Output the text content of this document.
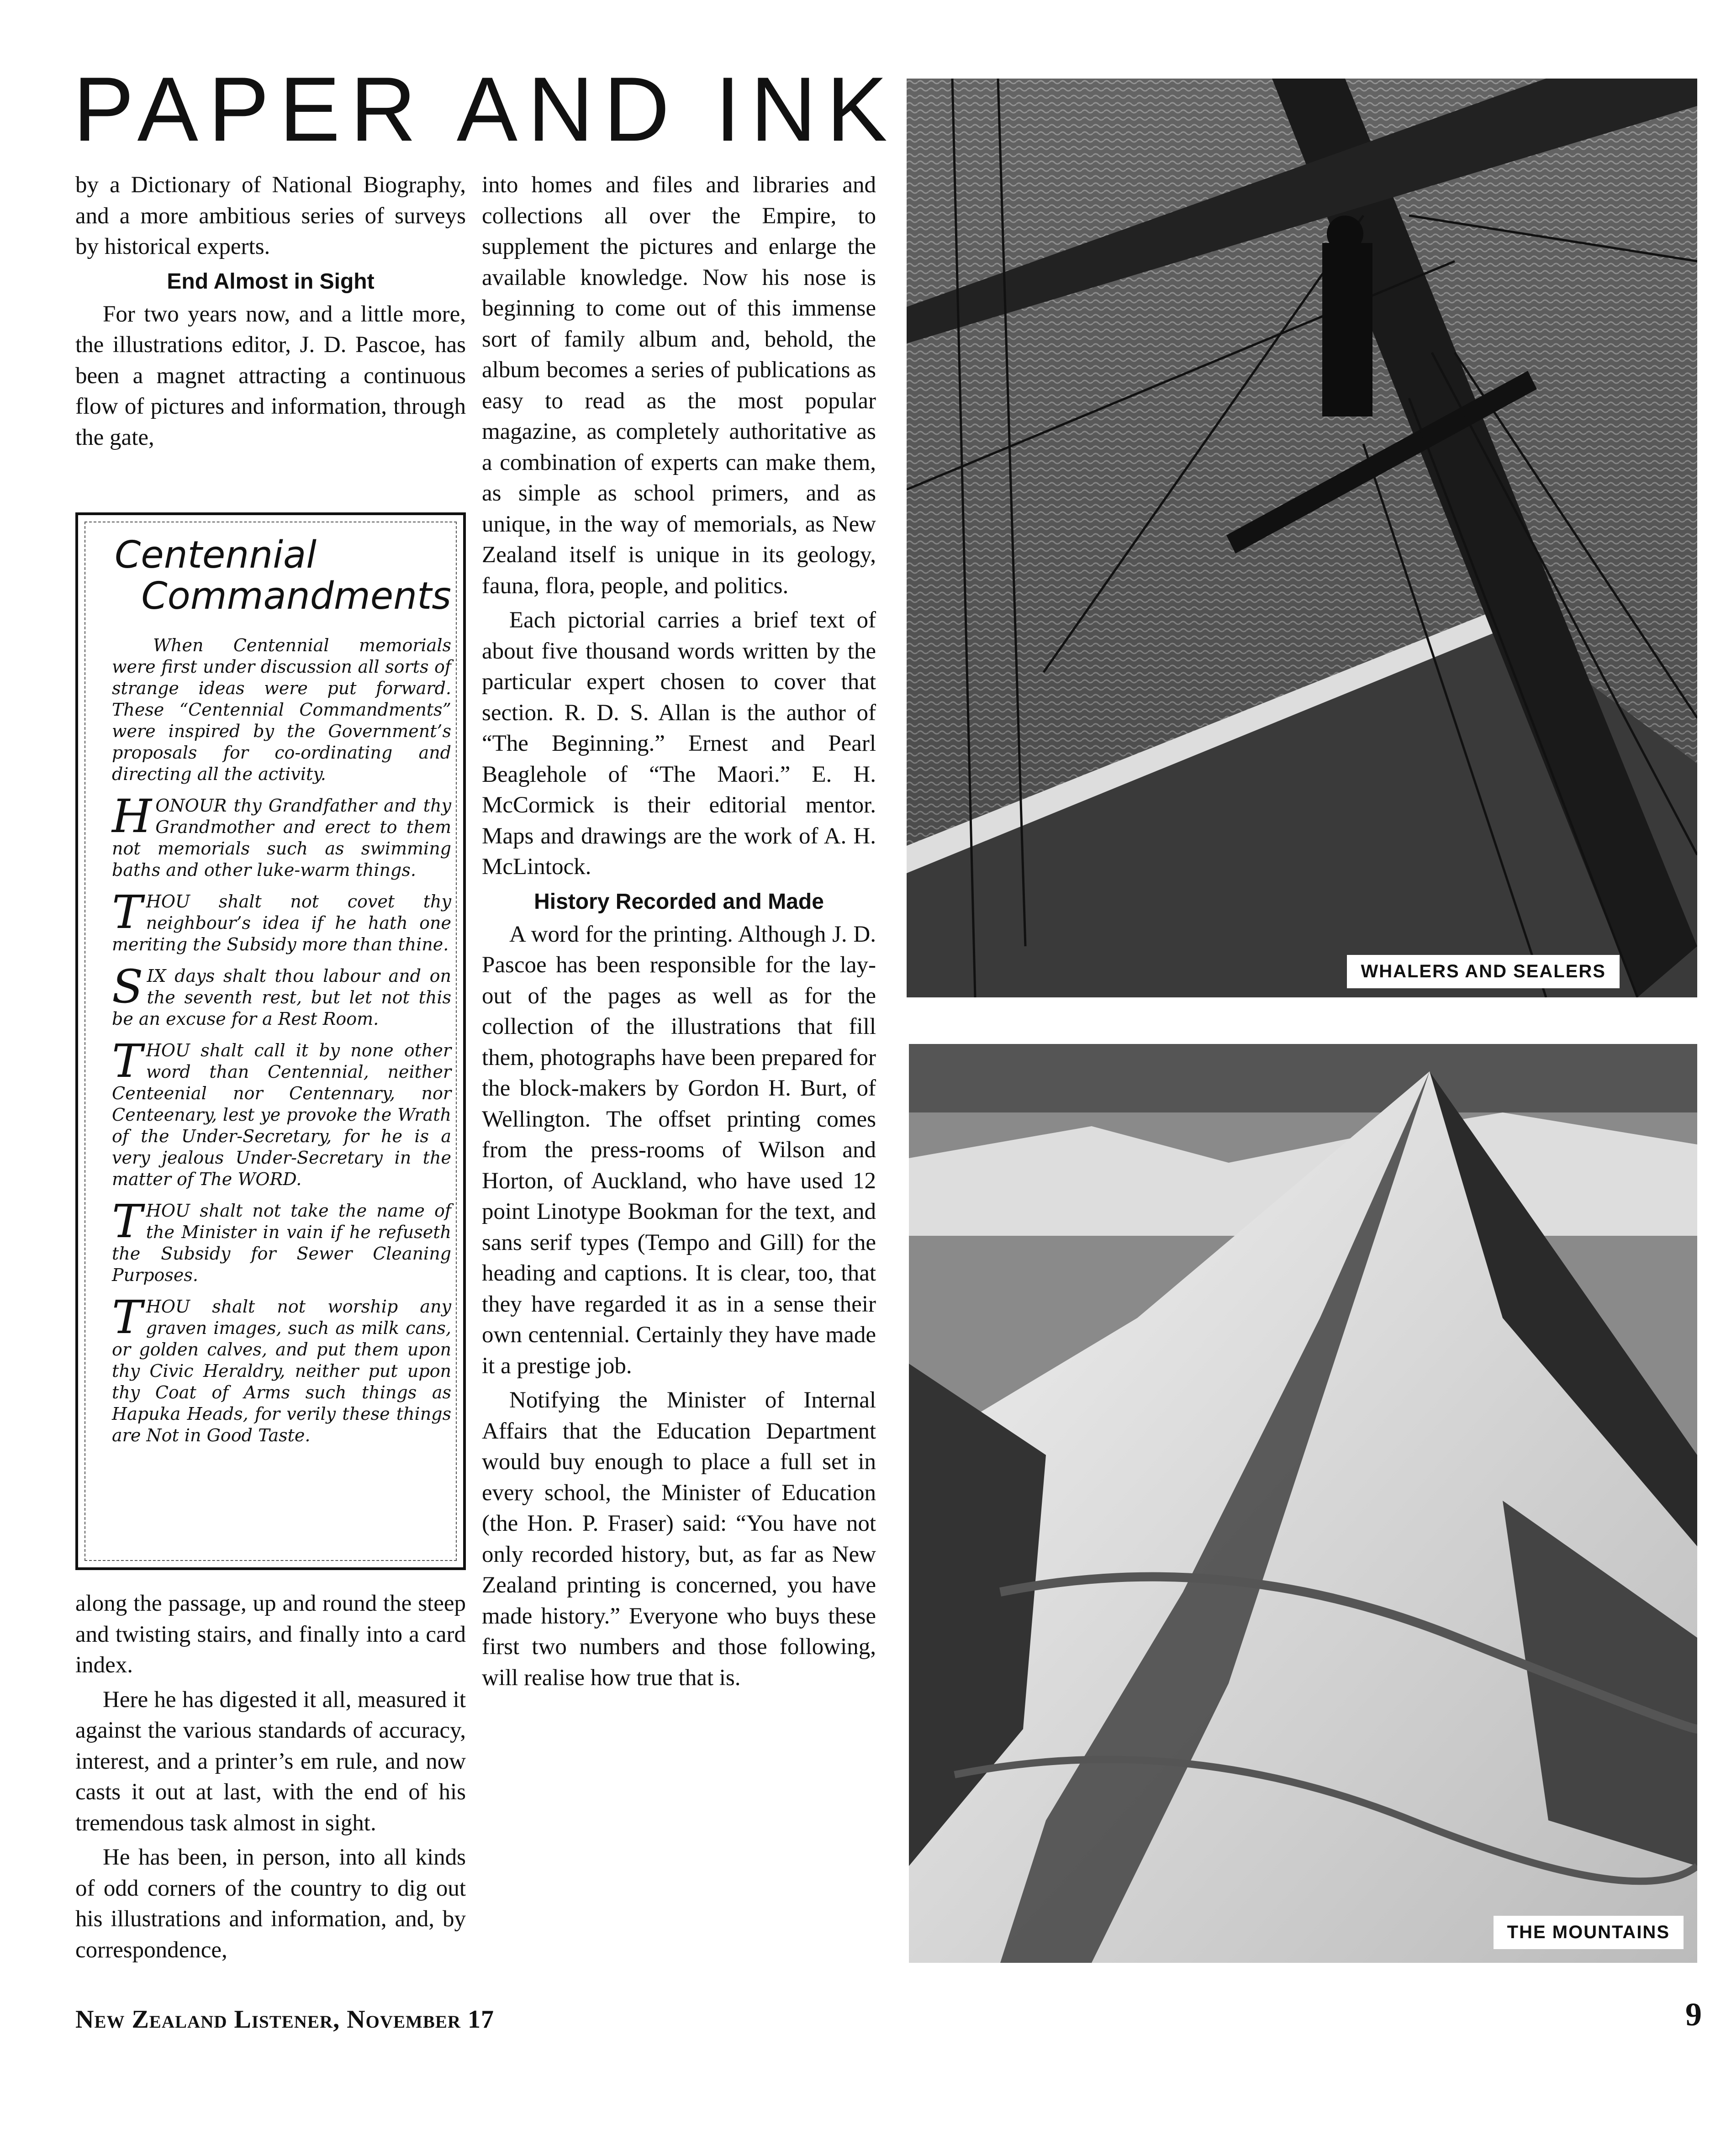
PAPER AND INK

by a Dictionary of National Biography, and a more ambitious series of surveys by historical experts.

End Almost in Sight

For two years now, and a little more, the illustrations editor, J. D. Pascoe, has been a magnet attracting a continuous flow of pictures and information, through the gate,

Centennial
Commandments

When Centennial memorials were first under discussion all sorts of strange ideas were put forward. These “Centennial Commandments” were inspired by the Government’s proposals for co-ordinating and directing all the activity.

HONOUR thy Grandfather and thy Grandmother and erect to them not memorials such as swimming baths and other luke-warm things.

THOU shalt not covet thy neighbour’s idea if he hath one meriting the Subsidy more than thine.

SIX days shalt thou labour and on the seventh rest, but let not this be an excuse for a Rest Room.

THOU shalt call it by none other word than Centennial, neither Centeenial nor Centennary, nor Centeenary, lest ye provoke the Wrath of the Under-Secretary, for he is a very jealous Under-Secretary in the matter of The WORD.

THOU shalt not take the name of the Minister in vain if he refuseth the Subsidy for Sewer Cleaning Purposes.

THOU shalt not worship any graven images, such as milk cans, or golden calves, and put them upon thy Civic Heraldry, neither put upon thy Coat of Arms such things as Hapuka Heads, for verily these things are Not in Good Taste.

along the passage, up and round the steep and twisting stairs, and finally into a card index.

Here he has digested it all, measured it against the various standards of accuracy, interest, and a printer’s em rule, and now casts it out at last, with the end of his tremendous task almost in sight.

He has been, in person, into all kinds of odd corners of the country to dig out his illustrations and information, and, by correspondence,

into homes and files and libraries and collections all over the Empire, to supplement the pictures and enlarge the available knowledge. Now his nose is beginning to come out of this immense sort of family album and, behold, the album becomes a series of publications as easy to read as the most popular magazine, as completely authoritative as a combination of experts can make them, as simple as school primers, and as unique, in the way of memorials, as New Zealand itself is unique in its geology, fauna, flora, people, and politics.

Each pictorial carries a brief text of about five thousand words written by the particular expert chosen to cover that section. R. D. S. Allan is the author of “The Beginning.” Ernest and Pearl Beaglehole of “The Maori.” E. H. McCormick is their editorial mentor. Maps and drawings are the work of A. H. McLintock.

History Recorded and Made

A word for the printing. Although J. D. Pascoe has been responsible for the lay-out of the pages as well as for the collection of the illustrations that fill them, photographs have been prepared for the block-makers by Gordon H. Burt, of Wellington. The offset printing comes from the press-rooms of Wilson and Horton, of Auckland, who have used 12 point Linotype Bookman for the text, and sans serif types (Tempo and Gill) for the heading and captions. It is clear, too, that they have regarded it as in a sense their own centennial. Certainly they have made it a prestige job.

Notifying the Minister of Internal Affairs that the Education Department would buy enough to place a full set in every school, the Minister of Education (the Hon. P. Fraser) said: “You have not only recorded history, but, as far as New Zealand printing is concerned, you have made history.” Everyone who buys these first two numbers and those following, will realise how true that is.

WHALERS AND SEALERS
THE MOUNTAINS
New Zealand Listener, November 17	9
